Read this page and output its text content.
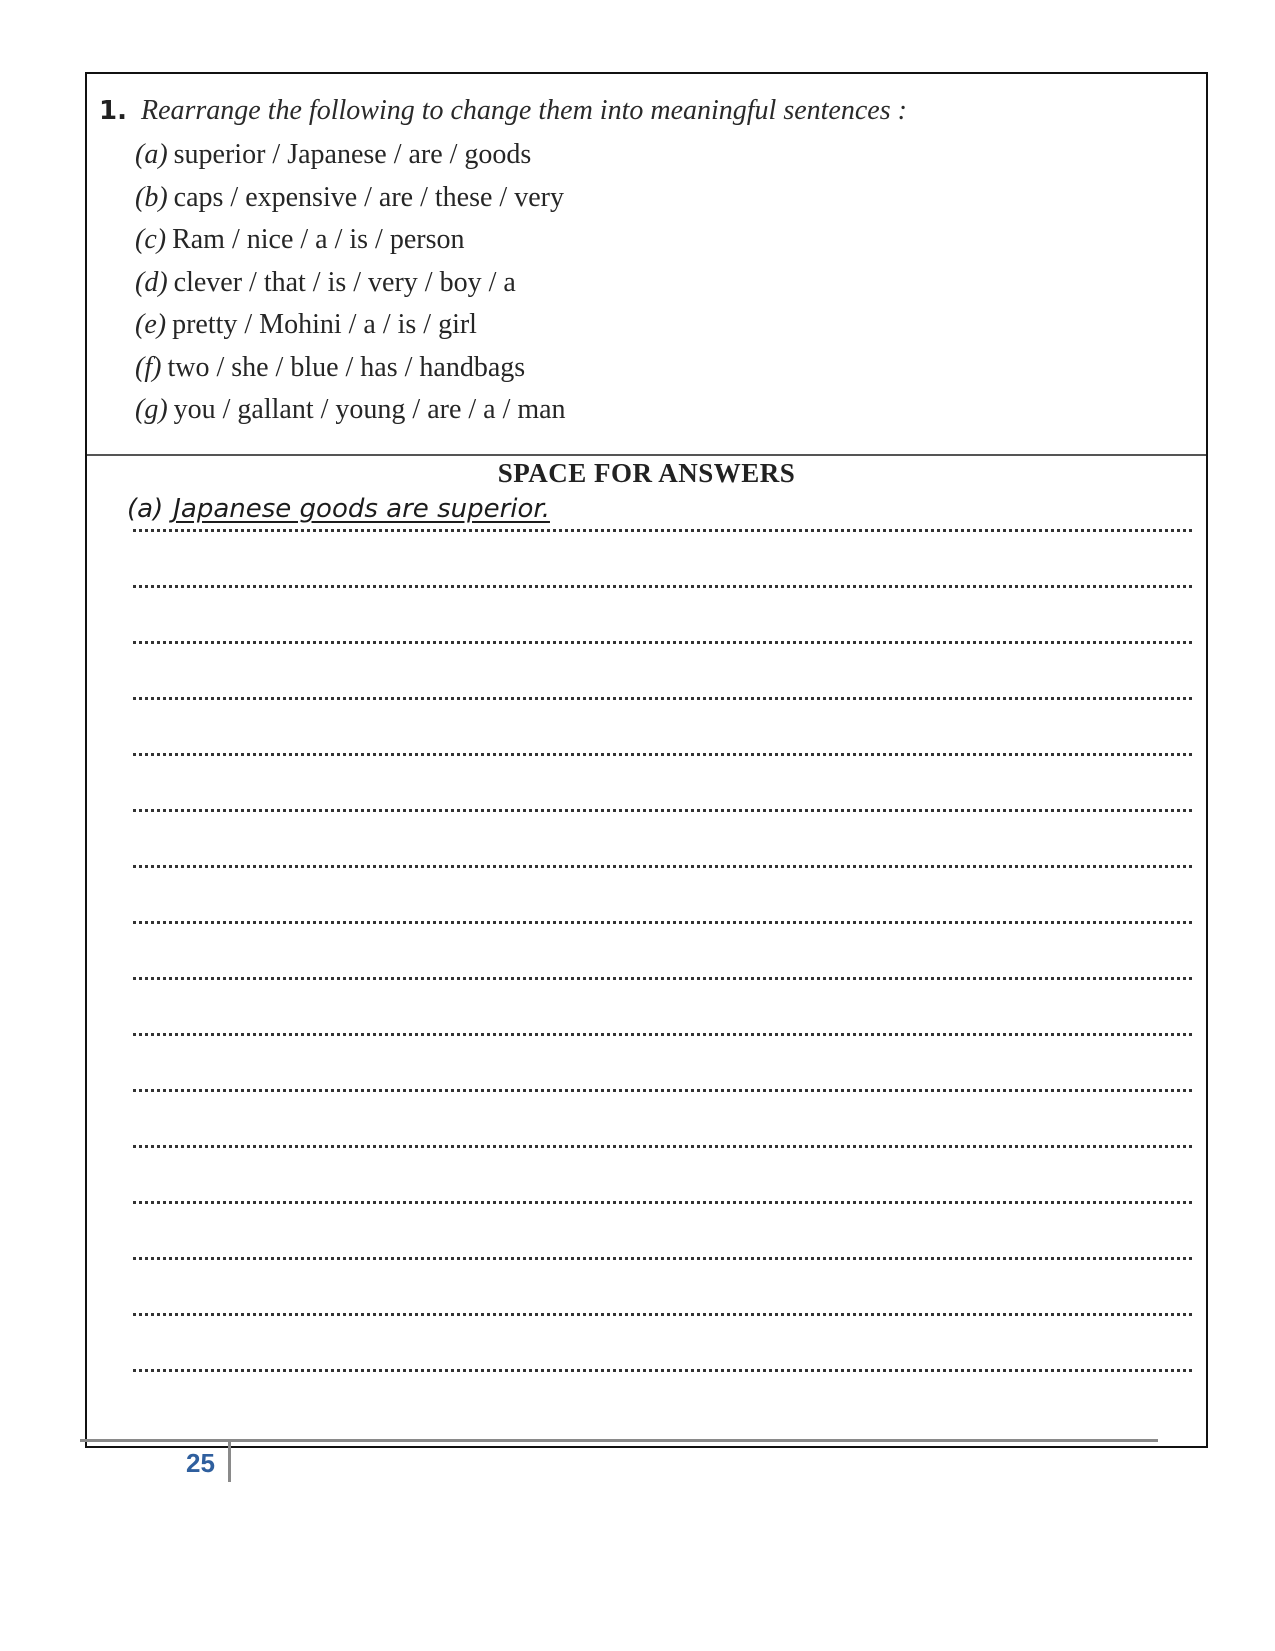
1. Rearrange the following to change them into meaningful sentences :
(a) superior / Japanese / are / goods
(b) caps / expensive / are / these / very
(c) Ram / nice / a / is / person
(d) clever / that / is / very / boy / a
(e) pretty / Mohini / a / is / girl
(f) two / she / blue / has / handbags
(g) you / gallant / young / are / a / man
SPACE FOR ANSWERS
(a) Japanese goods are superior.
25
